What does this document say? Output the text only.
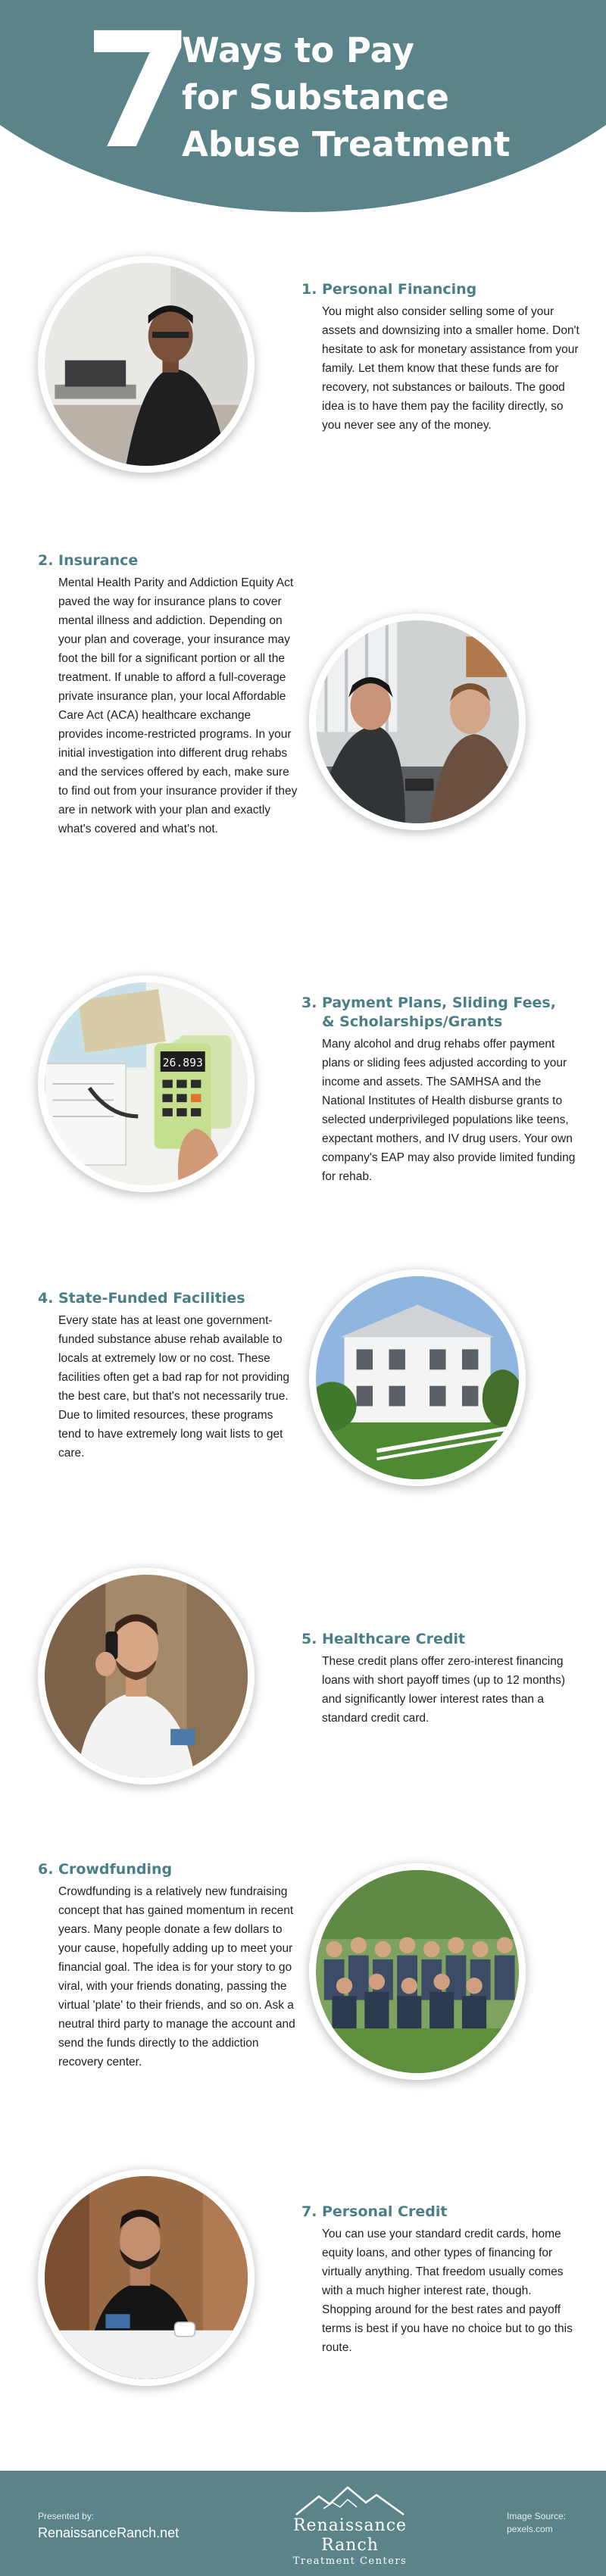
7
Ways to Pay
for Substance
Abuse Treatment
1. Personal Financing
You might also consider selling some of your assets and downsizing into a smaller home. Don't hesitate to ask for monetary assistance from your family. Let them know that these funds are for recovery, not substances or bailouts. The good idea is to have them pay the facility directly, so you never see any of the money.
2. Insurance
Mental Health Parity and Addiction Equity Act paved the way for insurance plans to cover mental illness and addiction. Depending on your plan and coverage, your insurance may foot the bill for a significant portion or all the treatment. If unable to afford a full-coverage private insurance plan, your local Affordable Care Act (ACA) healthcare exchange provides income-restricted programs. In your initial investigation into different drug rehabs and the services offered by each, make sure to find out from your insurance provider if they are in network with your plan and exactly what's covered and what's not.
26.893
3. Payment Plans, Sliding Fees,
& Scholarships/Grants
Many alcohol and drug rehabs offer payment plans or sliding fees adjusted according to your income and assets. The SAMHSA and the National Institutes of Health disburse grants to selected underprivileged populations like teens, expectant mothers, and IV drug users. Your own company's EAP may also provide limited funding for rehab.
4. State-Funded Facilities
Every state has at least one government-funded substance abuse rehab available to locals at extremely low or no cost. These facilities often get a bad rap for not providing the best care, but that's not necessarily true. Due to limited resources, these programs tend to have extremely long wait lists to get care.
5. Healthcare Credit
These credit plans offer zero-interest financing loans with short payoff times (up to 12 months) and significantly lower interest rates than a standard credit card.
6. Crowdfunding
Crowdfunding is a relatively new fundraising concept that has gained momentum in recent years. Many people donate a few dollars to your cause, hopefully adding up to meet your financial goal. The idea is for your story to go viral, with your friends donating, passing the virtual 'plate' to their friends, and so on. Ask a neutral third party to manage the account and send the funds directly to the addiction recovery center.
7. Personal Credit
You can use your standard credit cards, home equity loans, and other types of financing for virtually anything. That freedom usually comes with a much higher interest rate, though. Shopping around for the best rates and payoff terms is best if you have no choice but to go this route.
Presented by:
RenaissanceRanch.net	Renaissance Ranch
Treatment Centers
Image Source:
pexels.com
